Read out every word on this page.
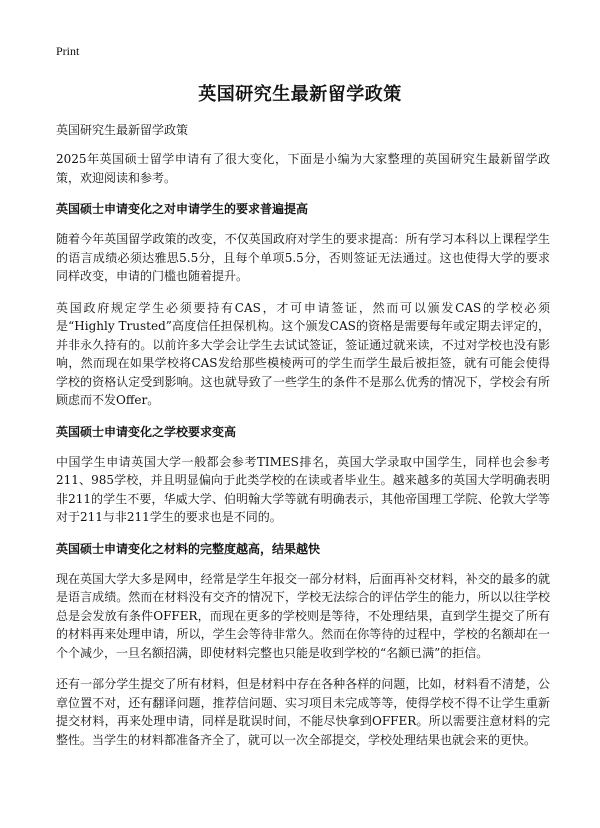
Print
英国研究生最新留学政策

英国研究生最新留学政策

2025年英国硕士留学申请有了很大变化，下面是小编为大家整理的英国研究生最新留学政策，欢迎阅读和参考。

英国硕士申请变化之对申请学生的要求普遍提高

随着今年英国留学政策的改变，不仅英国政府对学生的要求提高：所有学习本科以上课程学生的语言成绩必须达雅思5.5分，且每个单项5.5分，否则签证无法通过。这也使得大学的要求同样改变，申请的门槛也随着提升。

英国政府规定学生必须要持有CAS，才可申请签证，然而可以颁发CAS的学校必须是“Highly Trusted”高度信任担保机构。这个颁发CAS的资格是需要每年或定期去评定的，并非永久持有的。以前许多大学会让学生去试试签证，签证通过就来读，不过对学校也没有影响，然而现在如果学校将CAS发给那些模棱两可的学生而学生最后被拒签，就有可能会使得学校的资格认定受到影响。这也就导致了一些学生的条件不是那么优秀的情况下，学校会有所顾虑而不发Offer。

英国硕士申请变化之学校要求变高

中国学生申请英国大学一般都会参考TIMES排名，英国大学录取中国学生，同样也会参考211、985学校，并且明显偏向于此类学校的在读或者毕业生。越来越多的英国大学明确表明非211的学生不要，华威大学、伯明翰大学等就有明确表示，其他帝国理工学院、伦敦大学等对于211与非211学生的要求也是不同的。

英国硕士申请变化之材料的完整度越高，结果越快

现在英国大学大多是网申，经常是学生年报交一部分材料，后面再补交材料，补交的最多的就是语言成绩。然而在材料没有交齐的情况下，学校无法综合的评估学生的能力，所以以往学校总是会发放有条件OFFER，而现在更多的学校则是等待，不处理结果，直到学生提交了所有的材料再来处理申请，所以，学生会等待非常久。然而在你等待的过程中，学校的名额却在一个个减少，一旦名额招满，即使材料完整也只能是收到学校的“名额已满”的拒信。

还有一部分学生提交了所有材料，但是材料中存在各种各样的问题，比如，材料看不清楚，公章位置不对，还有翻译问题，推荐信问题、实习项目未完成等等，使得学校不得不让学生重新提交材料，再来处理申请，同样是耽误时间，不能尽快拿到OFFER。所以需要注意材料的完整性。当学生的材料都准备齐全了，就可以一次全部提交，学校处理结果也就会来的更快。
